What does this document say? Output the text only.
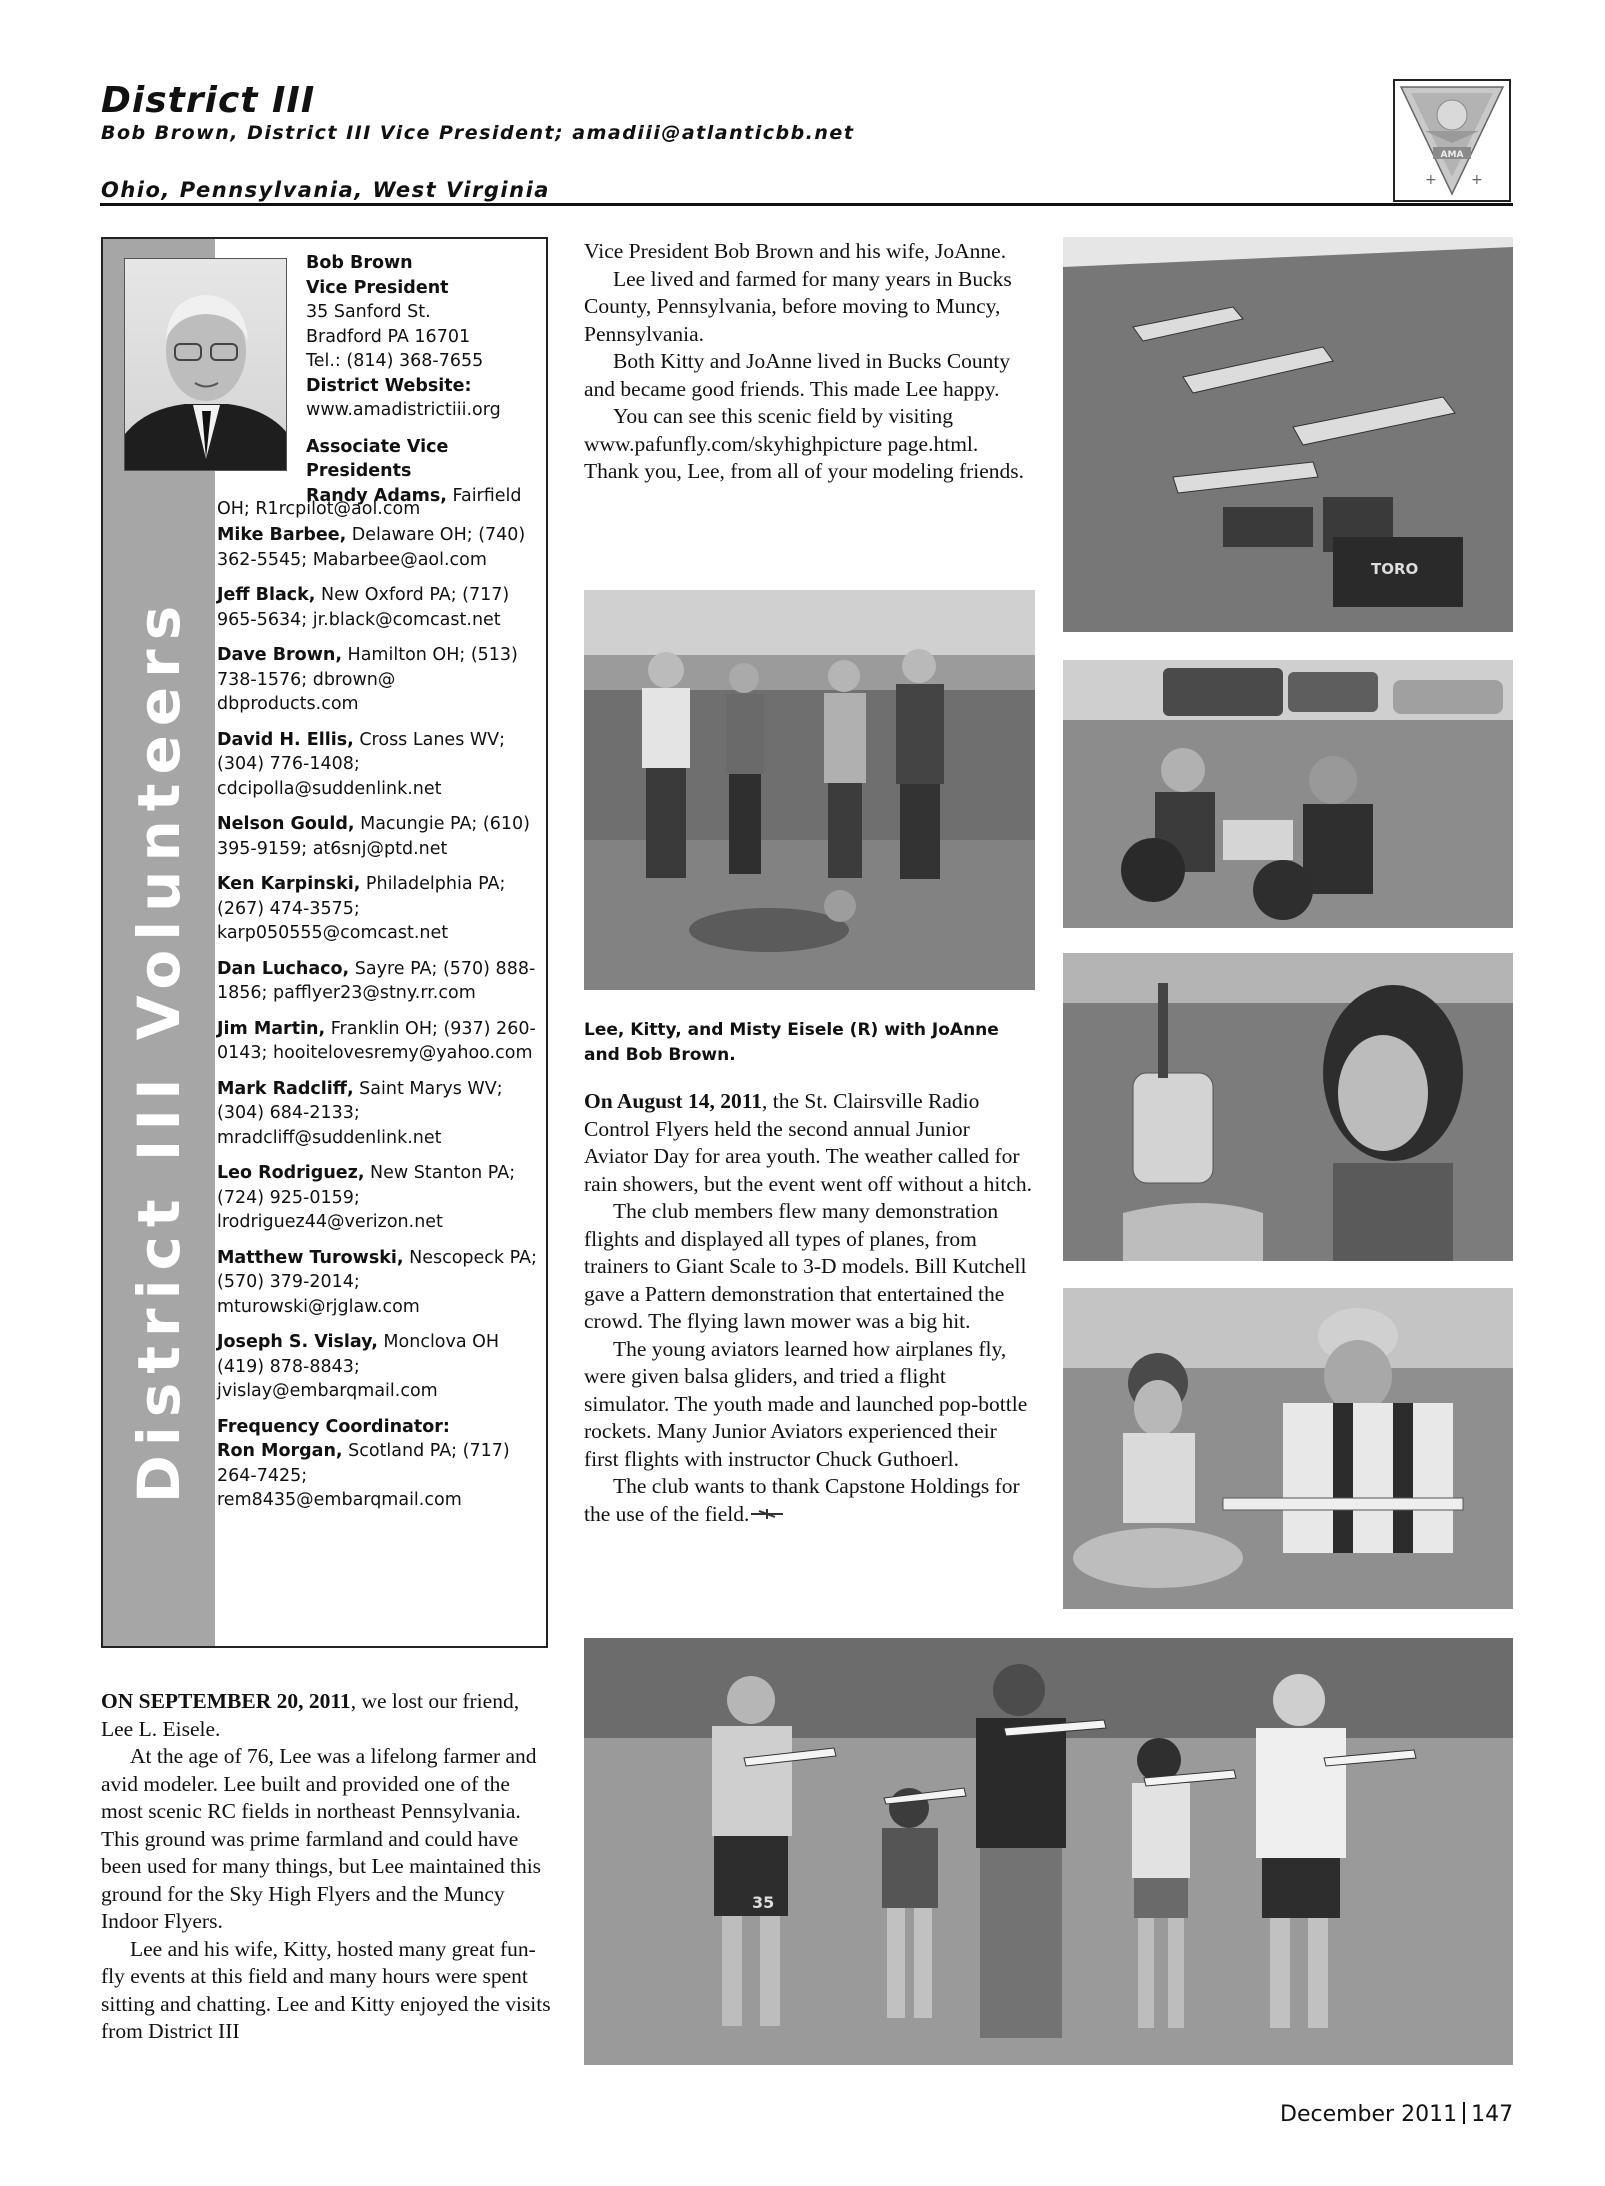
District III
Bob Brown, District III Vice President; amadiii@atlanticbb.net
Ohio, Pennsylvania, West Virginia
AMA
+ +
District III Volunteers
Bob Brown
Vice President
35 Sanford St.
Bradford PA 16701
Tel.: (814) 368-7655
District Website:
www.amadistrictiii.org
Associate Vice
Presidents
Randy Adams, Fairfield
OH; R1rcpilot@aol.com
Mike Barbee, Delaware OH; (740) 362-5545; Mabarbee@aol.com
Jeff Black, New Oxford PA; (717) 965-5634; jr.black@comcast.net
Dave Brown, Hamilton OH; (513) 738-1576; dbrown@ dbproducts.com
David H. Ellis, Cross Lanes WV; (304) 776-1408; cdcipolla@suddenlink.net
Nelson Gould, Macungie PA; (610) 395-9159; at6snj@ptd.net
Ken Karpinski, Philadelphia PA; (267) 474-3575; karp050555@comcast.net
Dan Luchaco, Sayre PA; (570) 888-1856; pafflyer23@stny.rr.com
Jim Martin, Franklin OH; (937) 260-0143; hooitelovesremy@yahoo.com
Mark Radcliff, Saint Marys WV; (304) 684-2133; mradcliff@suddenlink.net
Leo Rodriguez, New Stanton PA; (724) 925-0159; lrodriguez44@verizon.net
Matthew Turowski, Nescopeck PA; (570) 379-2014; mturowski@rjglaw.com
Joseph S. Vislay, Monclova OH (419) 878-8843; jvislay@embarqmail.com
Frequency Coordinator:
Ron Morgan, Scotland PA; (717) 264-7425; rem8435@embarqmail.com

ON SEPTEMBER 20, 2011, we lost our friend, Lee L. Eisele.

At the age of 76, Lee was a lifelong farmer and avid modeler. Lee built and provided one of the most scenic RC fields in northeast Pennsylvania. This ground was prime farmland and could have been used for many things, but Lee maintained this ground for the Sky High Flyers and the Muncy Indoor Flyers.

Lee and his wife, Kitty, hosted many great fun-fly events at this field and many hours were spent sitting and chatting. Lee and Kitty enjoyed the visits from District III

Vice President Bob Brown and his wife, JoAnne.

Lee lived and farmed for many years in Bucks County, Pennsylvania, before moving to Muncy, Pennsylvania.

Both Kitty and JoAnne lived in Bucks County and became good friends. This made Lee happy.

You can see this scenic field by visiting www.pafunfly.com/skyhighpicture page.html. Thank you, Lee, from all of your modeling friends.

Lee, Kitty, and Misty Eisele (R) with JoAnne and Bob Brown.

On August 14, 2011, the St. Clairsville Radio Control Flyers held the second annual Junior Aviator Day for area youth. The weather called for rain showers, but the event went off without a hitch.

The club members flew many demonstration flights and displayed all types of planes, from trainers to Giant Scale to 3-D models. Bill Kutchell gave a Pattern demonstration that entertained the crowd. The flying lawn mower was a big hit.

The young aviators learned how airplanes fly, were given balsa gliders, and tried a flight simulator. The youth made and launched pop-bottle rockets. Many Junior Aviators experienced their first flights with instructor Chuck Guthoerl.

The club wants to thank Capstone Holdings for the use of the field.

TORO
35
December 2011 147
